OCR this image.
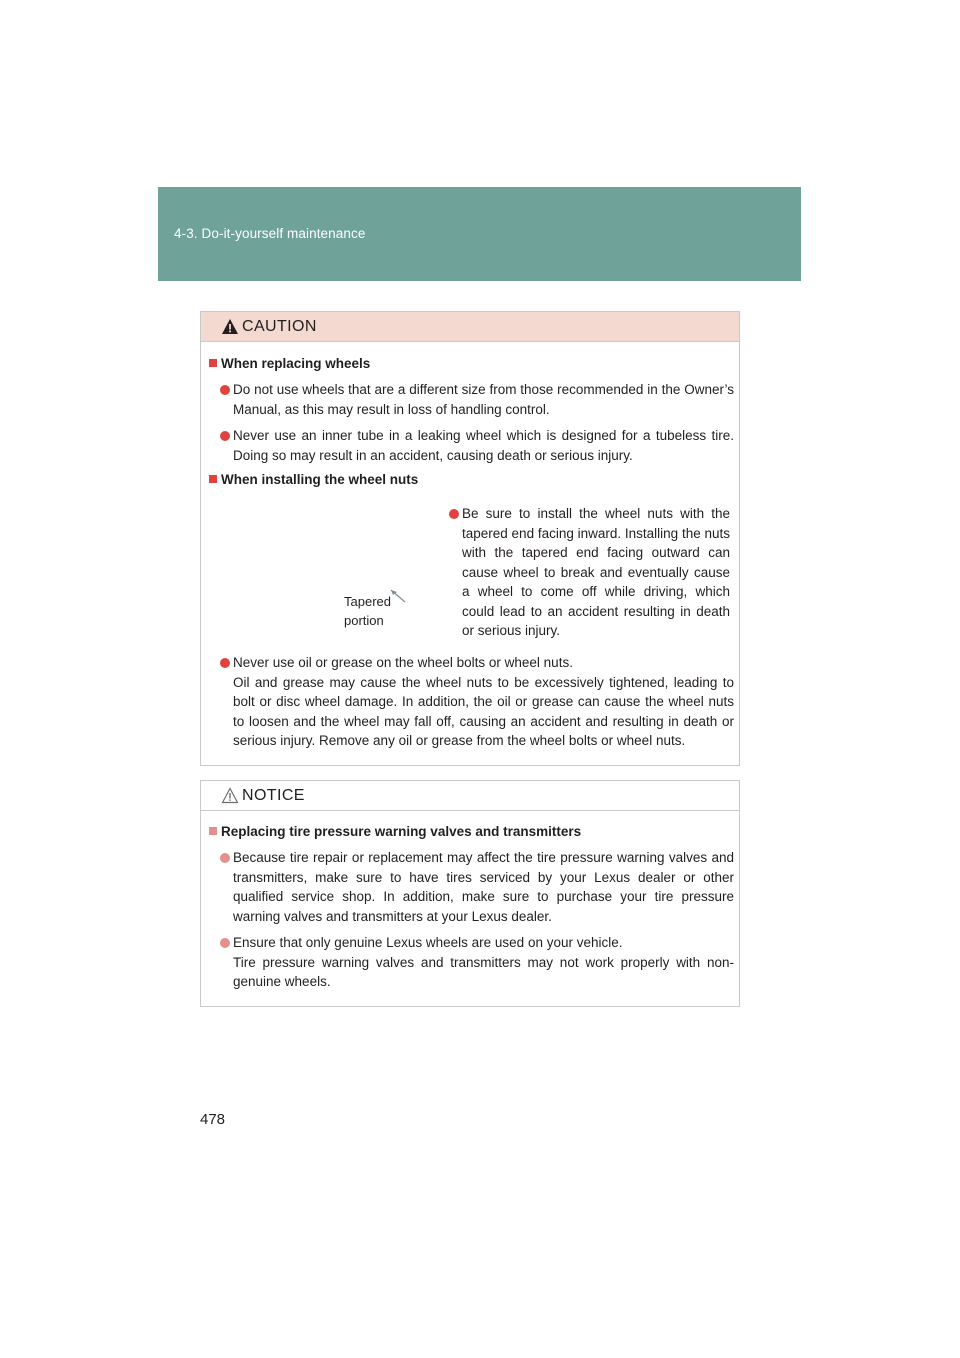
4-3. Do-it-yourself maintenance
CAUTION
When replacing wheels

Do not use wheels that are a different size from those recommended in the Owner’s Manual, as this may result in loss of handling control.

Never use an inner tube in a leaking wheel which is designed for a tubeless tire. Doing so may result in an accident, causing death or serious injury.

When installing the wheel nuts
Tapered
portion

Be sure to install the wheel nuts with the tapered end facing inward. Installing the nuts with the tapered end facing outward can cause wheel to break and eventually cause a wheel to come off while driving, which could lead to an accident resulting in death or serious injury.

Never use oil or grease on the wheel bolts or wheel nuts.

Oil and grease may cause the wheel nuts to be excessively tightened, leading to bolt or disc wheel damage. In addition, the oil or grease can cause the wheel nuts to loosen and the wheel may fall off, causing an accident and resulting in death or serious injury. Remove any oil or grease from the wheel bolts or wheel nuts.

NOTICE
Replacing tire pressure warning valves and transmitters

Because tire repair or replacement may affect the tire pressure warning valves and transmitters, make sure to have tires serviced by your Lexus dealer or other qualified service shop. In addition, make sure to purchase your tire pressure warning valves and transmitters at your Lexus dealer.

Ensure that only genuine Lexus wheels are used on your vehicle.

Tire pressure warning valves and transmitters may not work properly with non-genuine wheels.

478
